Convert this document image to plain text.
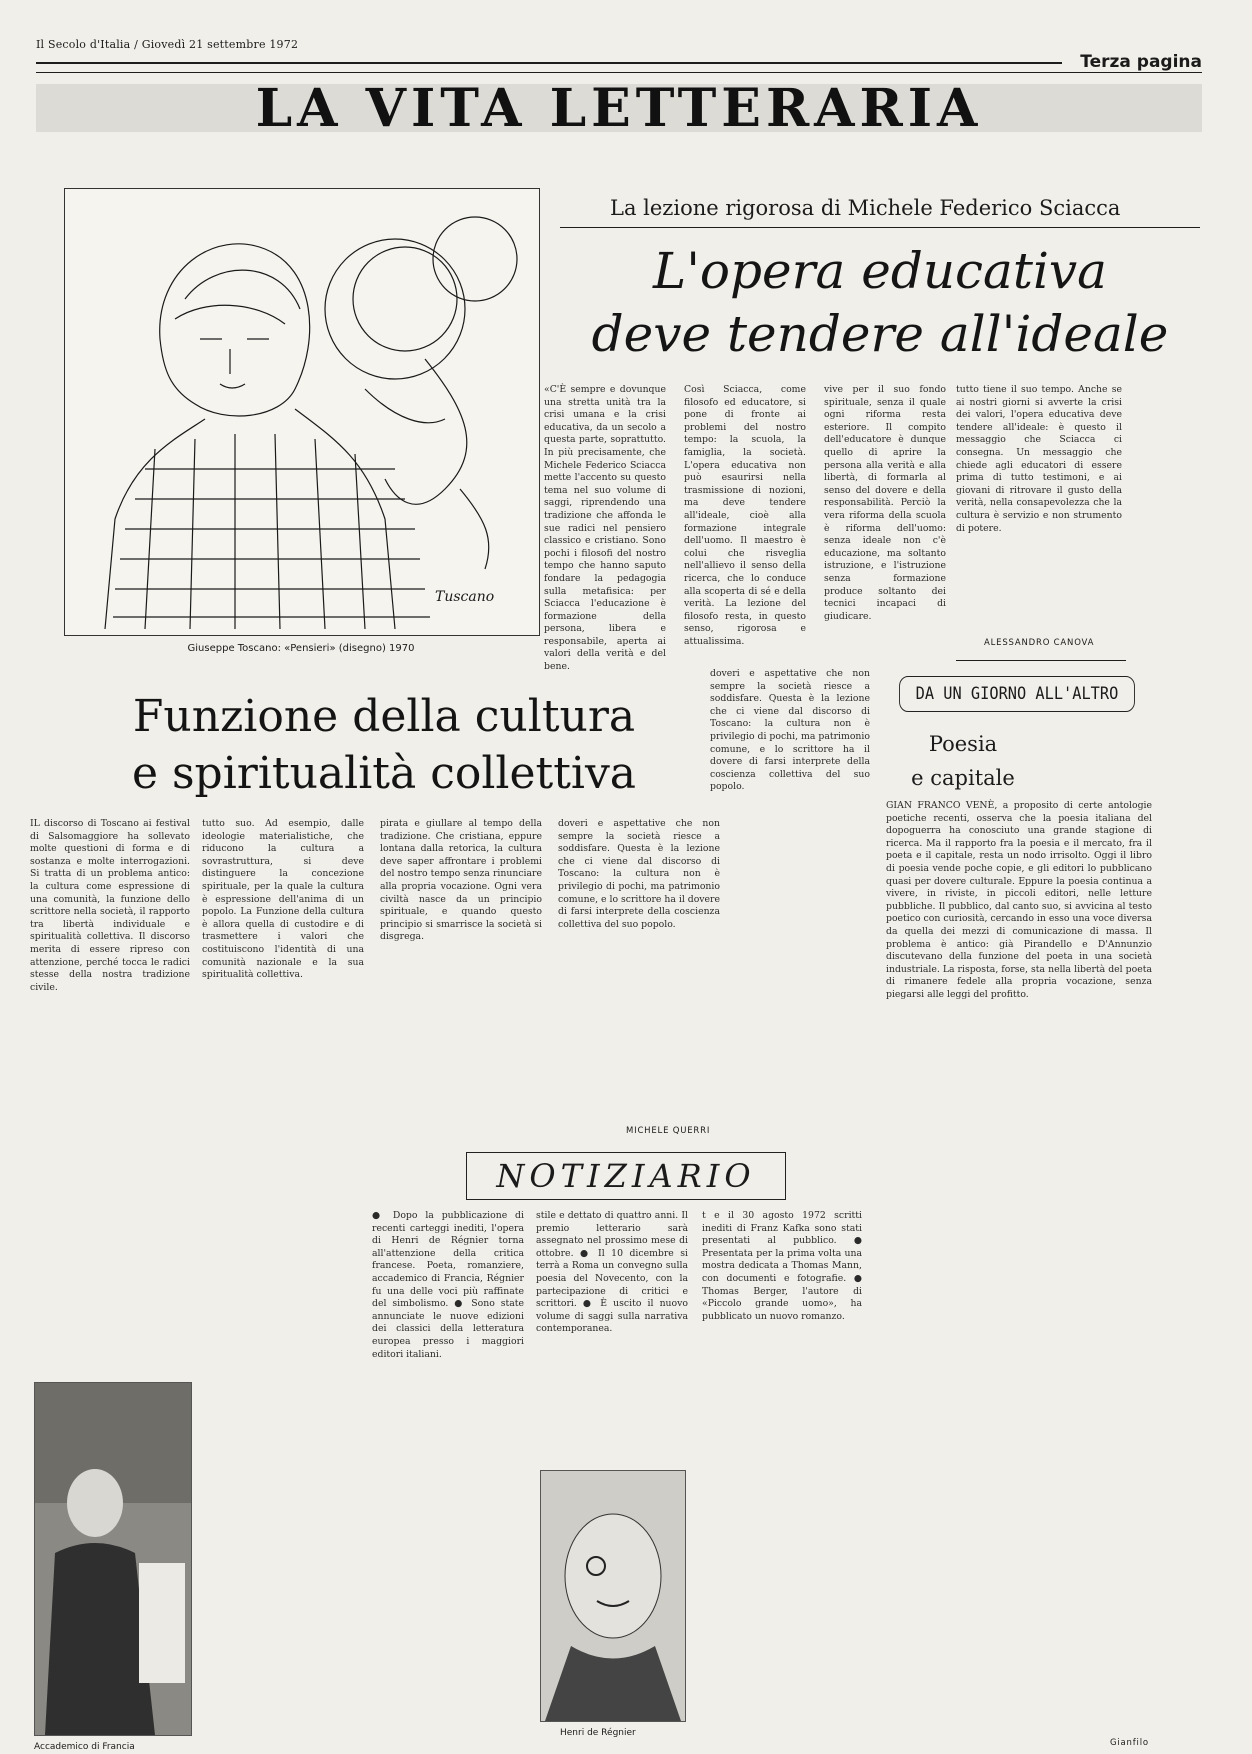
Il Secolo d'Italia / Giovedì 21 settembre 1972
Terza pagina
LA VITA LETTERARIA
Tuscano
Giuseppe Toscano: «Pensieri» (disegno) 1970
La lezione rigorosa di Michele Federico Sciacca
L'opera educativa
deve tendere all'ideale
«C'È sempre e dovunque una stretta unità tra la crisi umana e la crisi educativa, da un secolo a questa parte, soprattutto. In più precisamente, che Michele Federico Sciacca mette l'accento su questo tema nel suo volume di saggi, riprendendo una tradizione che affonda le sue radici nel pensiero classico e cristiano. Sono pochi i filosofi del nostro tempo che hanno saputo fondare la pedagogia sulla metafisica: per Sciacca l'educazione è formazione della persona, libera e responsabile, aperta ai valori della verità e del bene.
Così Sciacca, come filosofo ed educatore, si pone di fronte ai problemi del nostro tempo: la scuola, la famiglia, la società. L'opera educativa non può esaurirsi nella trasmissione di nozioni, ma deve tendere all'ideale, cioè alla formazione integrale dell'uomo. Il maestro è colui che risveglia nell'allievo il senso della ricerca, che lo conduce alla scoperta di sé e della verità. La lezione del filosofo resta, in questo senso, rigorosa e attualissima.
vive per il suo fondo spirituale, senza il quale ogni riforma resta esteriore. Il compito dell'educatore è dunque quello di aprire la persona alla verità e alla libertà, di formarla al senso del dovere e della responsabilità. Perciò la vera riforma della scuola è riforma dell'uomo: senza ideale non c'è educazione, ma soltanto istruzione, e l'istruzione senza formazione produce soltanto dei tecnici incapaci di giudicare.
tutto tiene il suo tempo. Anche se ai nostri giorni si avverte la crisi dei valori, l'opera educativa deve tendere all'ideale: è questo il messaggio che Sciacca ci consegna. Un messaggio che chiede agli educatori di essere prima di tutto testimoni, e ai giovani di ritrovare il gusto della verità, nella consapevolezza che la cultura è servizio e non strumento di potere.
ALESSANDRO CANOVA
Funzione della cultura
e spiritualità collettiva
IL discorso di Toscano ai festival di Salsomaggiore ha sollevato molte questioni di forma e di sostanza e molte interrogazioni. Si tratta di un problema antico: la cultura come espressione di una comunità, la funzione dello scrittore nella società, il rapporto tra libertà individuale e spiritualità collettiva. Il discorso merita di essere ripreso con attenzione, perché tocca le radici stesse della nostra tradizione civile.
tutto suo. Ad esempio, dalle ideologie materialistiche, che riducono la cultura a sovrastruttura, si deve distinguere la concezione spirituale, per la quale la cultura è espressione dell'anima di un popolo. La Funzione della cultura è allora quella di custodire e di trasmettere i valori che costituiscono l'identità di una comunità nazionale e la sua spiritualità collettiva.
pirata e giullare al tempo della tradizione. Che cristiana, eppure lontana dalla retorica, la cultura deve saper affrontare i problemi del nostro tempo senza rinunciare alla propria vocazione. Ogni vera civiltà nasce da un principio spirituale, e quando questo principio si smarrisce la società si disgrega.
doveri e aspettative che non sempre la società riesce a soddisfare. Questa è la lezione che ci viene dal discorso di Toscano: la cultura non è privilegio di pochi, ma patrimonio comune, e lo scrittore ha il dovere di farsi interprete della coscienza collettiva del suo popolo.
doveri e aspettative che non sempre la società riesce a soddisfare. Questa è la lezione che ci viene dal discorso di Toscano: la cultura non è privilegio di pochi, ma patrimonio comune, e lo scrittore ha il dovere di farsi interprete della coscienza collettiva del suo popolo.
MICHELE QUERRI
DA UN GIORNO ALL'ALTRO
Poesia
e capitale
GIAN FRANCO VENÈ, a proposito di certe antologie poetiche recenti, osserva che la poesia italiana del dopoguerra ha conosciuto una grande stagione di ricerca. Ma il rapporto fra la poesia e il mercato, fra il poeta e il capitale, resta un nodo irrisolto. Oggi il libro di poesia vende poche copie, e gli editori lo pubblicano quasi per dovere culturale. Eppure la poesia continua a vivere, in riviste, in piccoli editori, nelle letture pubbliche. Il pubblico, dal canto suo, si avvicina al testo poetico con curiosità, cercando in esso una voce diversa da quella dei mezzi di comunicazione di massa. Il problema è antico: già Pirandello e D'Annunzio discutevano della funzione del poeta in una società industriale. La risposta, forse, sta nella libertà del poeta di rimanere fedele alla propria vocazione, senza piegarsi alle leggi del profitto.
Gianfilo
NOTIZIARIO
● Dopo la pubblicazione di recenti carteggi inediti, l'opera di Henri de Régnier torna all'attenzione della critica francese. Poeta, romanziere, accademico di Francia, Régnier fu una delle voci più raffinate del simbolismo. ● Sono state annunciate le nuove edizioni dei classici della letteratura europea presso i maggiori editori italiani.
stile e dettato di quattro anni. Il premio letterario sarà assegnato nel prossimo mese di ottobre. ● Il 10 dicembre si terrà a Roma un convegno sulla poesia del Novecento, con la partecipazione di critici e scrittori. ● È uscito il nuovo volume di saggi sulla narrativa contemporanea.
t e il 30 agosto 1972 scritti inediti di Franz Kafka sono stati presentati al pubblico. ● Presentata per la prima volta una mostra dedicata a Thomas Mann, con documenti e fotografie. ● Thomas Berger, l'autore di «Piccolo grande uomo», ha pubblicato un nuovo romanzo.
Henri de Régnier
Accademico di Francia
